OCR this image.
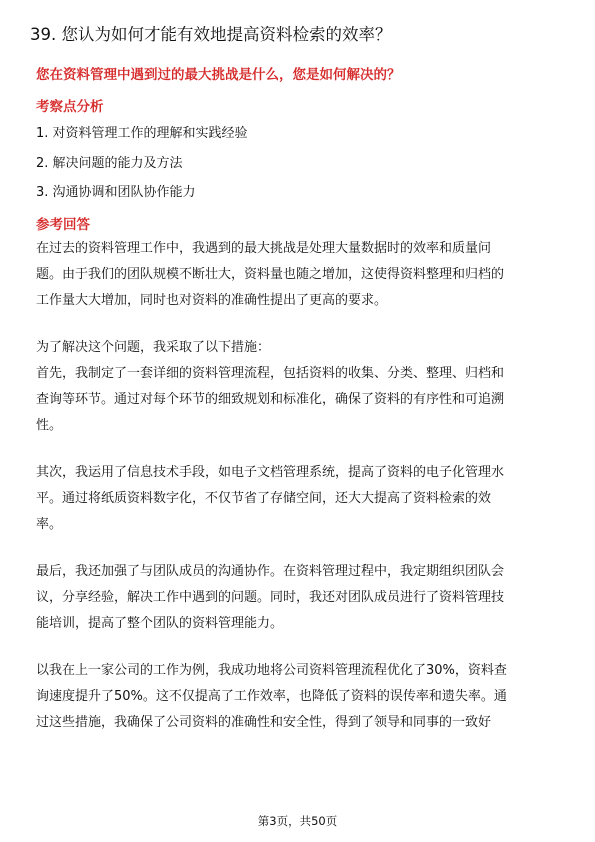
39. 您认为如何才能有效地提高资料检索的效率？
您在资料管理中遇到过的最大挑战是什么，您是如何解决的？
考察点分析
1. 对资料管理工作的理解和实践经验
2. 解决问题的能力及方法
3. 沟通协调和团队协作能力
参考回答
在过去的资料管理工作中，我遇到的最大挑战是处理大量数据时的效率和质量问
题。由于我们的团队规模不断壮大，资料量也随之增加，这使得资料整理和归档的
工作量大大增加，同时也对资料的准确性提出了更高的要求。
为了解决这个问题，我采取了以下措施：
首先，我制定了一套详细的资料管理流程，包括资料的收集、分类、整理、归档和
查询等环节。通过对每个环节的细致规划和标准化，确保了资料的有序性和可追溯
性。
其次，我运用了信息技术手段，如电子文档管理系统，提高了资料的电子化管理水
平。通过将纸质资料数字化，不仅节省了存储空间，还大大提高了资料检索的效
率。
最后，我还加强了与团队成员的沟通协作。在资料管理过程中，我定期组织团队会
议，分享经验，解决工作中遇到的问题。同时，我还对团队成员进行了资料管理技
能培训，提高了整个团队的资料管理能力。
以我在上一家公司的工作为例，我成功地将公司资料管理流程优化了30%，资料查
询速度提升了50%。这不仅提高了工作效率，也降低了资料的误传率和遗失率。通
过这些措施，我确保了公司资料的准确性和安全性，得到了领导和同事的一致好
第3页，共50页
